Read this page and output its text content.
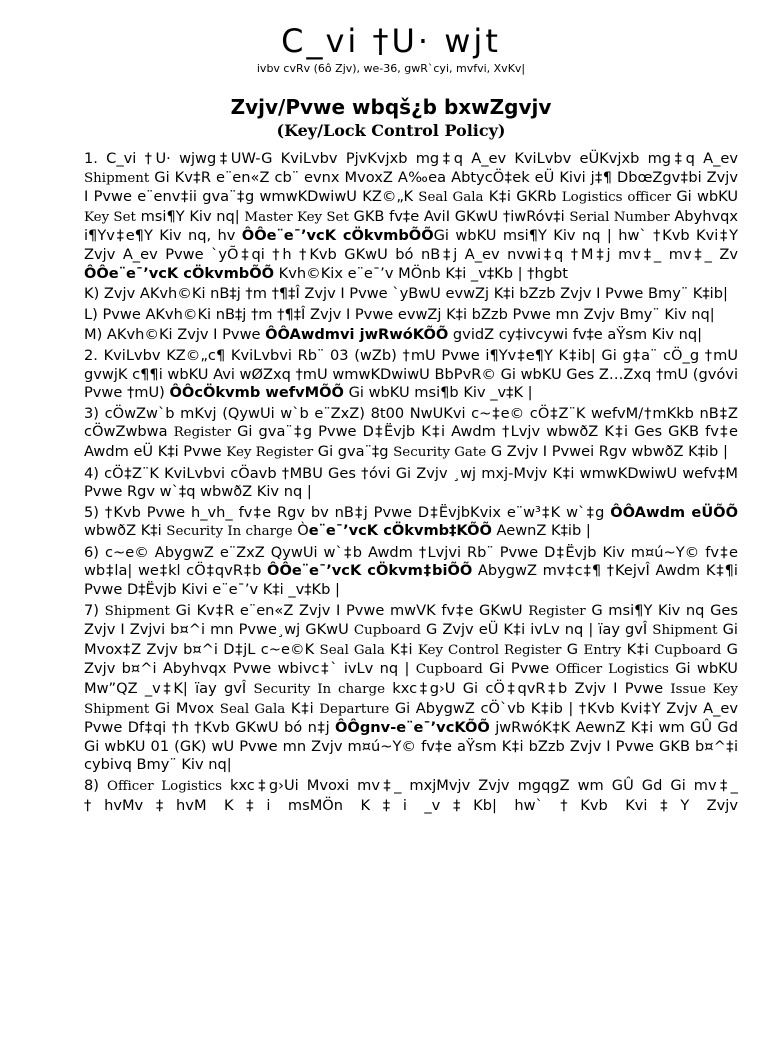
C_vi †U· wjt
ivbv cvRv (6ô Zjv), we-36, gwR`cyi, mvfvi, XvKv|
Zvjv/Pvwe wbqš¿b bxwZgvjv
(Key/Lock Control Policy)

1. C_vi †U· wjwg‡UW-G KviLvbv PjvKvjxb mg‡q A_ev KviLvbv eÜKvjxb mg‡q A_ev Shipment Gi Kv‡R e¨en«Z cb¨ evnx MvoxZ A‰ea AbtycÖ‡ek eÜ Kivi j‡¶ DbœZgv‡bi Zvjv I Pvwe e¨env‡ii gva¨‡g wmwKDwiwU KZ©„K Seal Gala K‡i GKRb Logistics officer Gi wbKU Key Set msi¶Y Kiv nq| Master Key Set GKB fv‡e AviI GKwU †iwRóv‡i Serial Number Abyhvqx i¶Yv‡e¶Y Kiv nq, hv ÔÔe¨e¯’vcK cÖkvmbÕÕGi wbKU msi¶Y Kiv nq | hw` †Kvb Kvi‡Y Zvjv A_ev Pvwe `yÕ‡qi †h †Kvb GKwU bó nB‡j A_ev nvwi‡q †M‡j mv‡_ mv‡_ Zv ÔÔe¨e¯’vcK cÖkvmbÕÕ Kvh©Kix e¨e¯’v MÖnb K‡i _v‡Kb | †hgbt

K) Zvjv AKvh©Ki nB‡j †m †¶‡Î Zvjv I Pvwe `yBwU evwZj K‡i bZzb Zvjv I Pvwe Bmy¨ K‡ib|

L) Pvwe AKvh©Ki nB‡j †m †¶‡Î Zvjv I Pvwe evwZj K‡i bZzb Pvwe mn Zvjv Bmy¨ Kiv nq|

M) AKvh©Ki Zvjv I Pvwe ÔÔAwdmvi jwRwóKÕÕ gvidZ cy‡ivcywi fv‡e aŸsm Kiv nq|

2. KviLvbv KZ©„c¶ KviLvbvi Rb¨ 03 (wZb) †mU Pvwe i¶Yv‡e¶Y K‡ib| Gi g‡a¨ cÖ_g †mU gvwjK c¶¶i wbKU Avi wØZxq †mU wmwKDwiwU BbPvR© Gi wbKU Ges Z…Zxq †mU (gvóvi Pvwe †mU) ÔÔcÖkvmb wefvMÕÕ Gi wbKU msi¶b Kiv _v‡K |

3) cÖwZw`b mKvj (QywUi w`b e¨ZxZ) 8t00 NwUKvi c~‡e© cÖ‡Z¨K wefvM/†mKkb nB‡Z cÖwZwbwa Register Gi gva¨‡g Pvwe D‡Ëvjb K‡i Awdm †Lvjv wbwðZ K‡i Ges GKB fv‡e Awdm eÜ K‡i Pvwe Key Register Gi gva¨‡g Security Gate G Zvjv I Pvwei Rgv wbwðZ K‡ib |

4) cÖ‡Z¨K KviLvbvi cÖavb †MBU Ges †óvi Gi Zvjv ¸wj mxj-Mvjv K‡i wmwKDwiwU wefv‡M Pvwe Rgv w`‡q wbwðZ Kiv nq |

5) †Kvb Pvwe h_vh_ fv‡e Rgv bv nB‡j Pvwe D‡ËvjbKvix e¨w³‡K w`‡g ÔÔAwdm eÜÕÕ wbwðZ K‡i Security In charge Òe¨e¯’vcK cÖkvmb‡KÕÕ AewnZ K‡ib |

6) c~e© AbygwZ e¨ZxZ QywUi w`‡b Awdm †Lvjvi Rb¨ Pvwe D‡Ëvjb Kiv m¤ú~Y© fv‡e wb‡la| we‡kl cÖ‡qvR‡b ÔÔe¨e¯’vcK cÖkvm‡biÕÕ AbygwZ mv‡c‡¶ †KejvÎ Awdm K‡¶i Pvwe D‡Ëvjb Kivi e¨e¯’v K‡i _v‡Kb |

7) Shipment Gi Kv‡R e¨en«Z Zvjv I Pvwe mwVK fv‡e GKwU Register G msi¶Y Kiv nq Ges Zvjv I Zvjvi b¤^i mn Pvwe¸wj GKwU Cupboard G Zvjv eÜ K‡i ivLv nq | ïay gvÎ Shipment Gi Mvox‡Z Zvjv b¤^i D‡jL c~e©K Seal Gala K‡i Key Control Register G Entry K‡i Cupboard G Zvjv b¤^i Abyhvqx Pvwe wbivc‡` ivLv nq | Cupboard Gi Pvwe Officer Logistics Gi wbKU Mw”QZ _v‡K| ïay gvÎ Security In charge kxc‡g›U Gi cÖ‡qvR‡b Zvjv I Pvwe Issue Key Shipment Gi Mvox Seal Gala K‡i Departure Gi AbygwZ cÖ`vb K‡ib | †Kvb Kvi‡Y Zvjv A_ev Pvwe Df‡qi †h †Kvb GKwU bó n‡j ÔÔgnv-e¨e¯’vcKÕÕ jwRwóK‡K AewnZ K‡i wm GÛ Gd Gi wbKU 01 (GK) wU Pvwe mn Zvjv m¤ú~Y© fv‡e aŸsm K‡i bZzb Zvjv I Pvwe GKB b¤^‡i cybivq Bmy¨ Kiv nq|

8) Officer Logistics kxc‡g›Ui Mvoxi mv‡_ mxjMvjv Zvjv mgqgZ wm GÛ Gd Gi mv‡_ †hvMv‡hvM K‡i msMÖn K‡i _v‡Kb| hw` †Kvb Kvi‡Y Zvjv
